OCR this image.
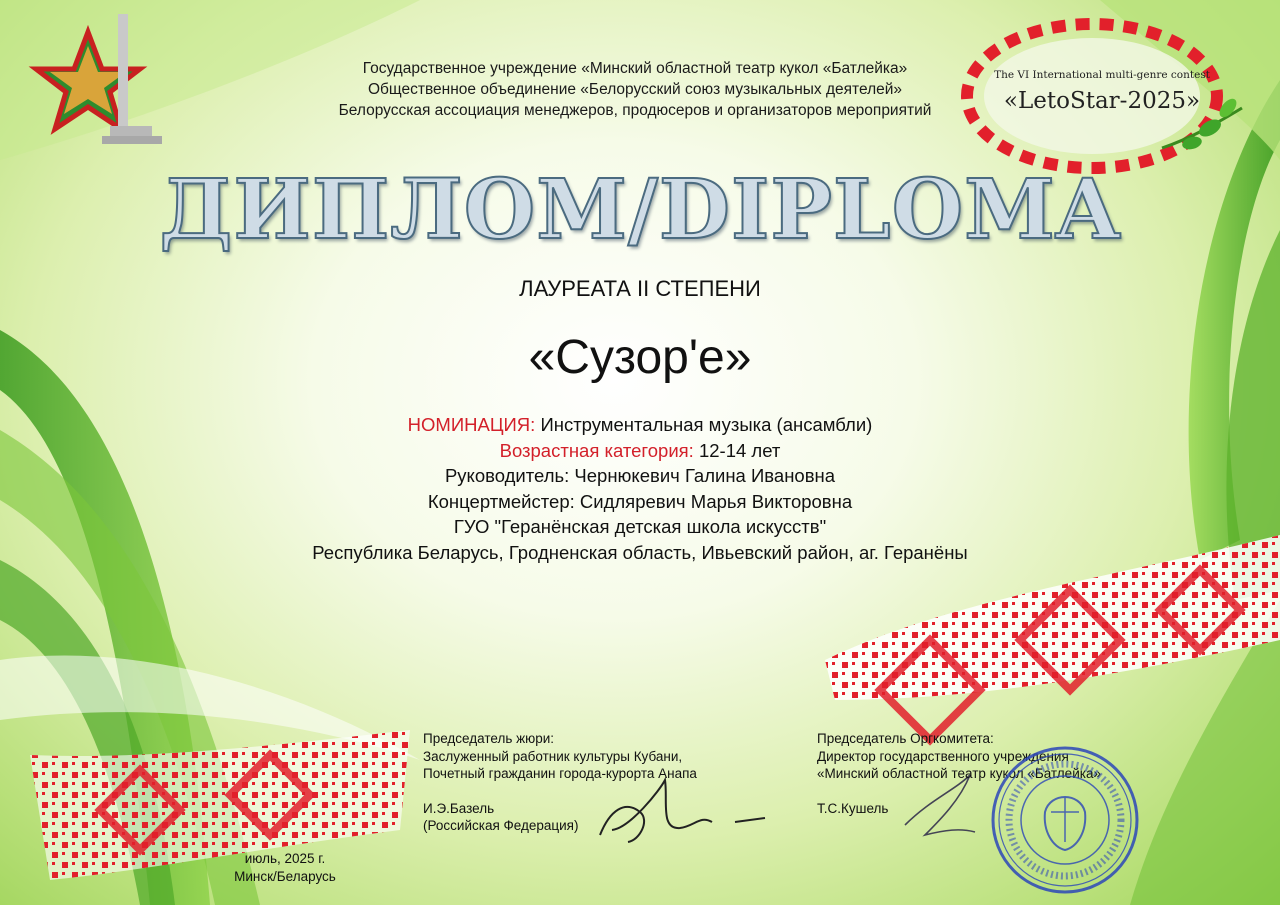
Государственное учреждение «Минский областной театр кукол «Батлейка»
Общественное объединение «Белорусский союз музыкальных деятелей»
Белорусская ассоциация менеджеров, продюсеров и организаторов мероприятий
The VI International multi-genre contest
«LetoStar-2025»
ДИПЛОМ/DIPLOMA
ЛАУРЕАТА II СТЕПЕНИ
«Сузор'е»
НОМИНАЦИЯ: Инструментальная музыка (ансамбли)
Возрастная категория: 12-14 лет
Руководитель: Чернюкевич Галина Ивановна
Концертмейстер: Сидляревич Марья Викторовна
ГУО "Геранёнская детская школа искусств"
Республика Беларусь, Гродненская область, Ивьевский район, аг. Геранёны
Председатель жюри:
Заслуженный работник культуры Кубани,
Почетный гражданин города-курорта Анапа
И.Э.Базель
(Российская Федерация)
Председатель Оргкомитета:
Директор государственного учреждения
«Минский областной театр кукол «Батлейка»
Т.С.Кушель
июль, 2025 г.
Минск/Беларусь
